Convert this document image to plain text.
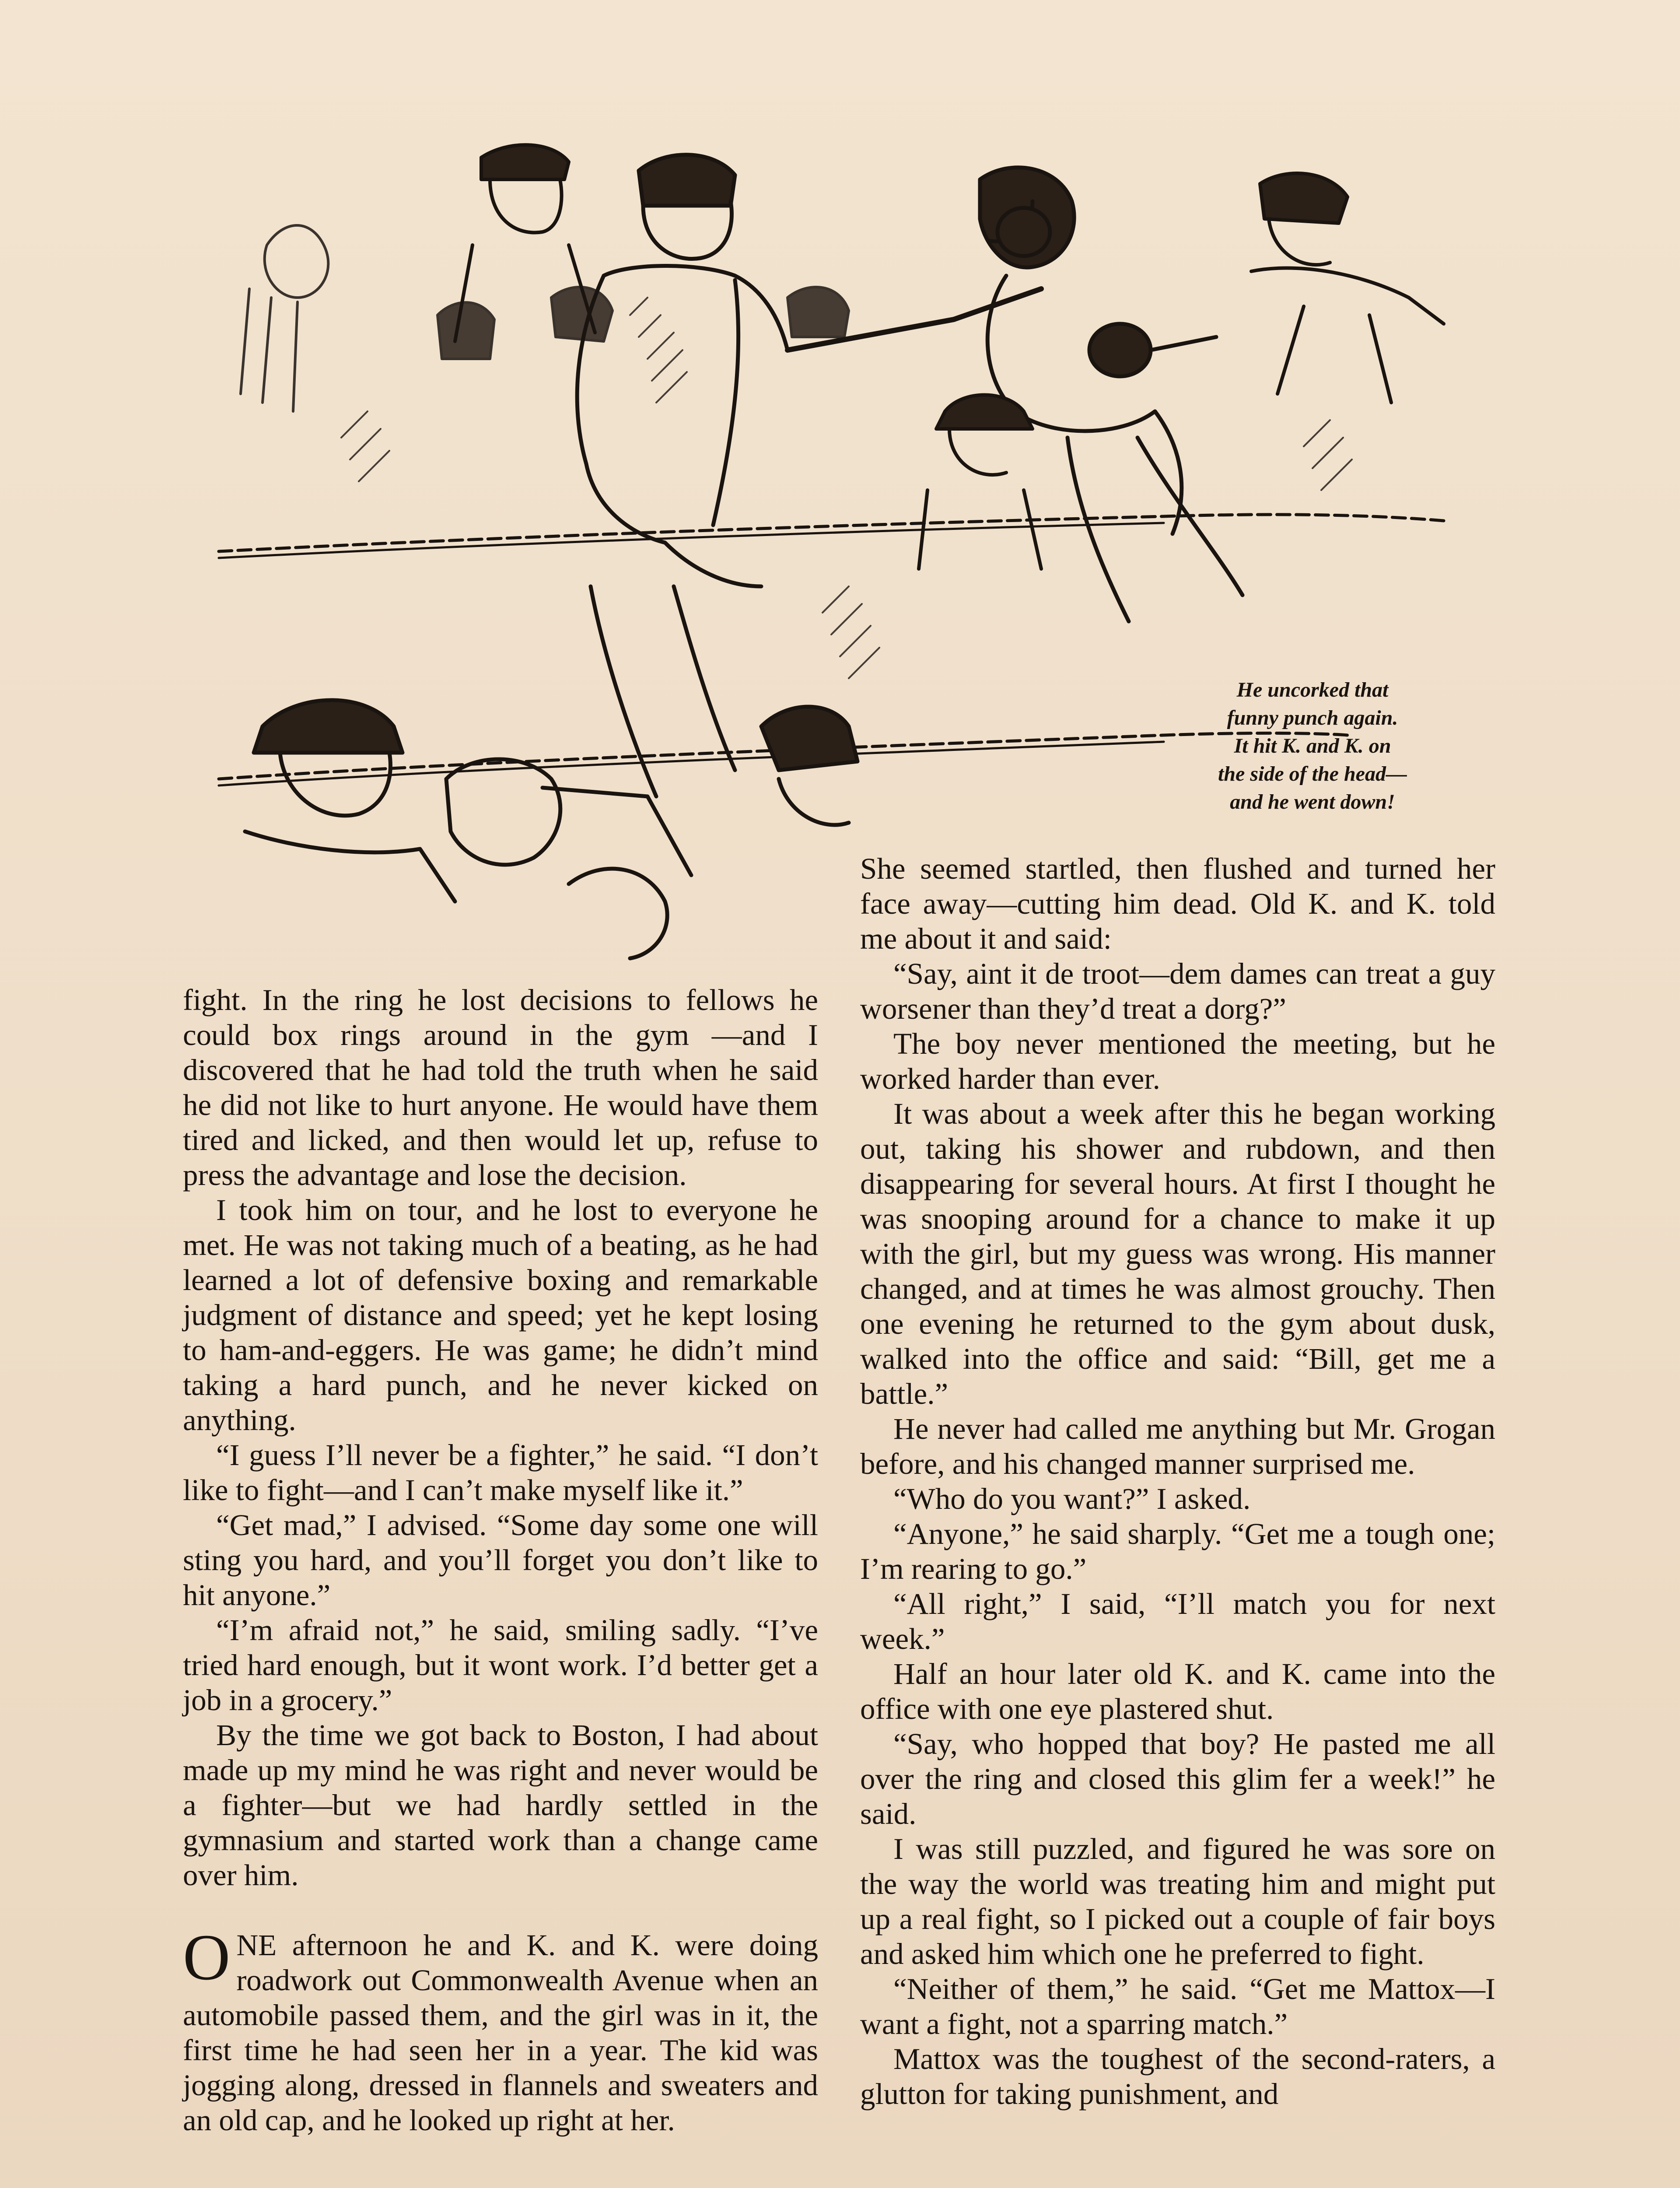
He uncorked that
funny punch again.
It hit K. and K. on
the side of the head—
and he went down!

fight. In the ring he lost decisions to fellows he could box rings around in the gym —and I discovered that he had told the truth when he said he did not like to hurt anyone. He would have them tired and licked, and then would let up, refuse to press the advantage and lose the decision.

I took him on tour, and he lost to everyone he met. He was not taking much of a beating, as he had learned a lot of defensive boxing and remarkable judgment of distance and speed; yet he kept losing to ham-and-eggers. He was game; he didn’t mind taking a hard punch, and he never kicked on anything.

“I guess I’ll never be a fighter,” he said. “I don’t like to fight—and I can’t make myself like it.”

“Get mad,” I advised. “Some day some one will sting you hard, and you’ll forget you don’t like to hit anyone.”

“I’m afraid not,” he said, smiling sadly. “I’ve tried hard enough, but it wont work. I’d better get a job in a grocery.”

By the time we got back to Boston, I had about made up my mind he was right and never would be a fighter—but we had hardly settled in the gymnasium and started work than a change came over him.

ONE afternoon he and K. and K. were doing roadwork out Commonwealth Avenue when an automobile passed them, and the girl was in it, the first time he had seen her in a year. The kid was jogging along, dressed in flannels and sweaters and an old cap, and he looked up right at her.

She seemed startled, then flushed and turned her face away—cutting him dead. Old K. and K. told me about it and said:

“Say, aint it de troot—dem dames can treat a guy worsener than they’d treat a dorg?”

The boy never mentioned the meeting, but he worked harder than ever.

It was about a week after this he began working out, taking his shower and rubdown, and then disappearing for several hours. At first I thought he was snooping around for a chance to make it up with the girl, but my guess was wrong. His manner changed, and at times he was almost grouchy. Then one evening he returned to the gym about dusk, walked into the office and said: “Bill, get me a battle.”

He never had called me anything but Mr. Grogan before, and his changed manner surprised me.

“Who do you want?” I asked.

“Anyone,” he said sharply. “Get me a tough one; I’m rearing to go.”

“All right,” I said, “I’ll match you for next week.”

Half an hour later old K. and K. came into the office with one eye plastered shut.

“Say, who hopped that boy? He pasted me all over the ring and closed this glim fer a week!” he said.

I was still puzzled, and figured he was sore on the way the world was treating him and might put up a real fight, so I picked out a couple of fair boys and asked him which one he preferred to fight.

“Neither of them,” he said. “Get me Mattox—I want a fight, not a sparring match.”

Mattox was the toughest of the second-raters, a glutton for taking punishment, and
